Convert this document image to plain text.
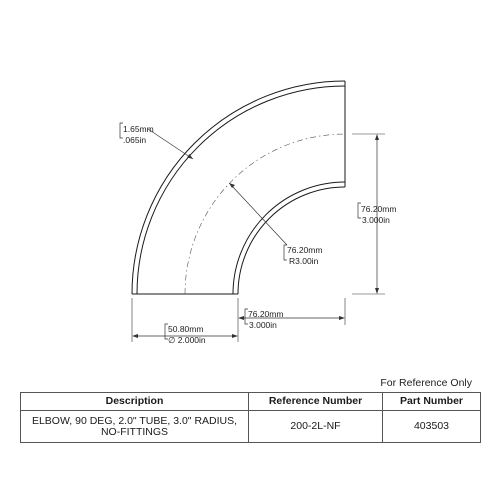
1.65mm
.065in
76.20mm
3.000in
76.20mm
R3.00in
76.20mm
3.000in
50.80mm
∅ 2.000in
For Reference Only
Description	Reference Number	Part Number
ELBOW, 90 DEG, 2.0" TUBE, 3.0" RADIUS, NO-FITTINGS	200-2L-NF	403503
